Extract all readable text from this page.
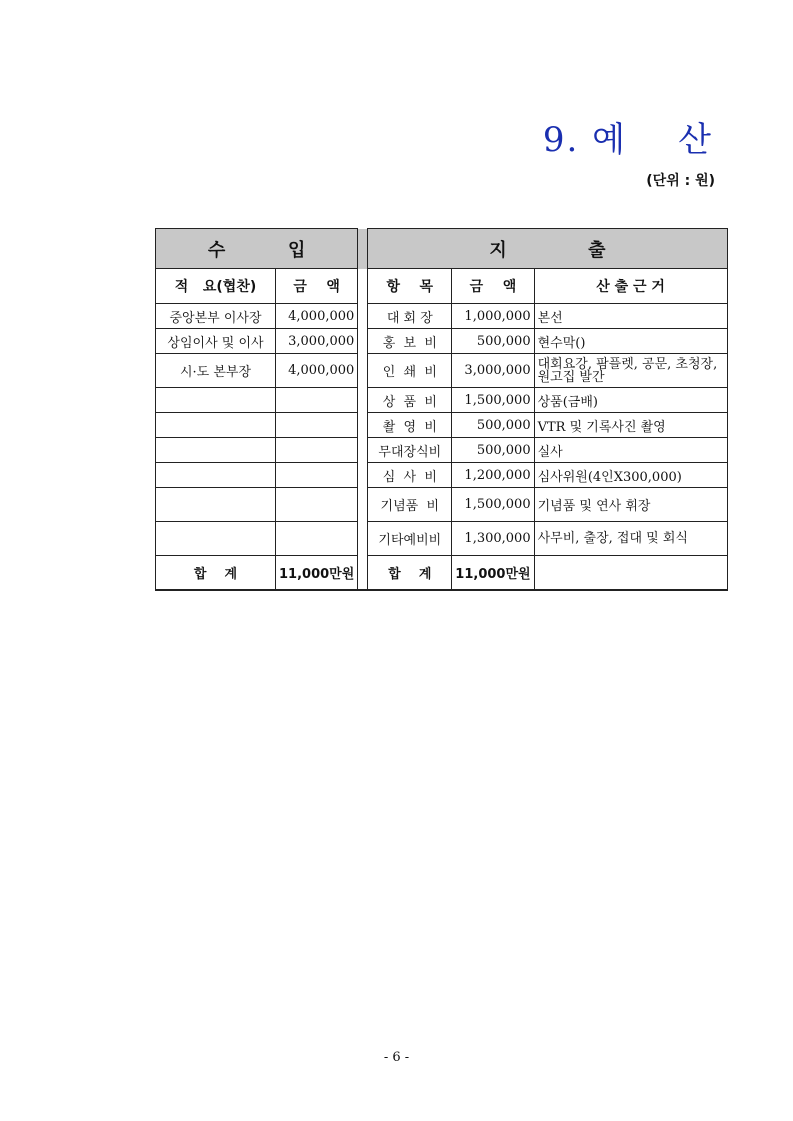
9. 예    산
(단위 : 원)
수          입			지             출		
적   요(협찬)	금    액		항    목	금    액	산 출 근 거
중앙본부 이사장	4,000,000		대 회 장	1,000,000	본선
상임이사 및 이사	3,000,000		홍  보  비	500,000	현수막()
시·도 본부장	4,000,000		인  쇄  비	3,000,000	대회요강, 팜플렛, 공문, 초청장, 원고집 발간
			상  품  비	1,500,000	상품(금배)
			촬  영  비	500,000	VTR 및 기록사진 촬영
			무대장식비	500,000	실사
			심  사  비	1,200,000	심사위원(4인X300,000)
			기념품  비	1,500,000	기념품 및 연사 휘장
			기타예비비	1,300,000	사무비, 출장, 접대 및 회식
합    계	11,000만원		합    계	11,000만원	
- 6 -
